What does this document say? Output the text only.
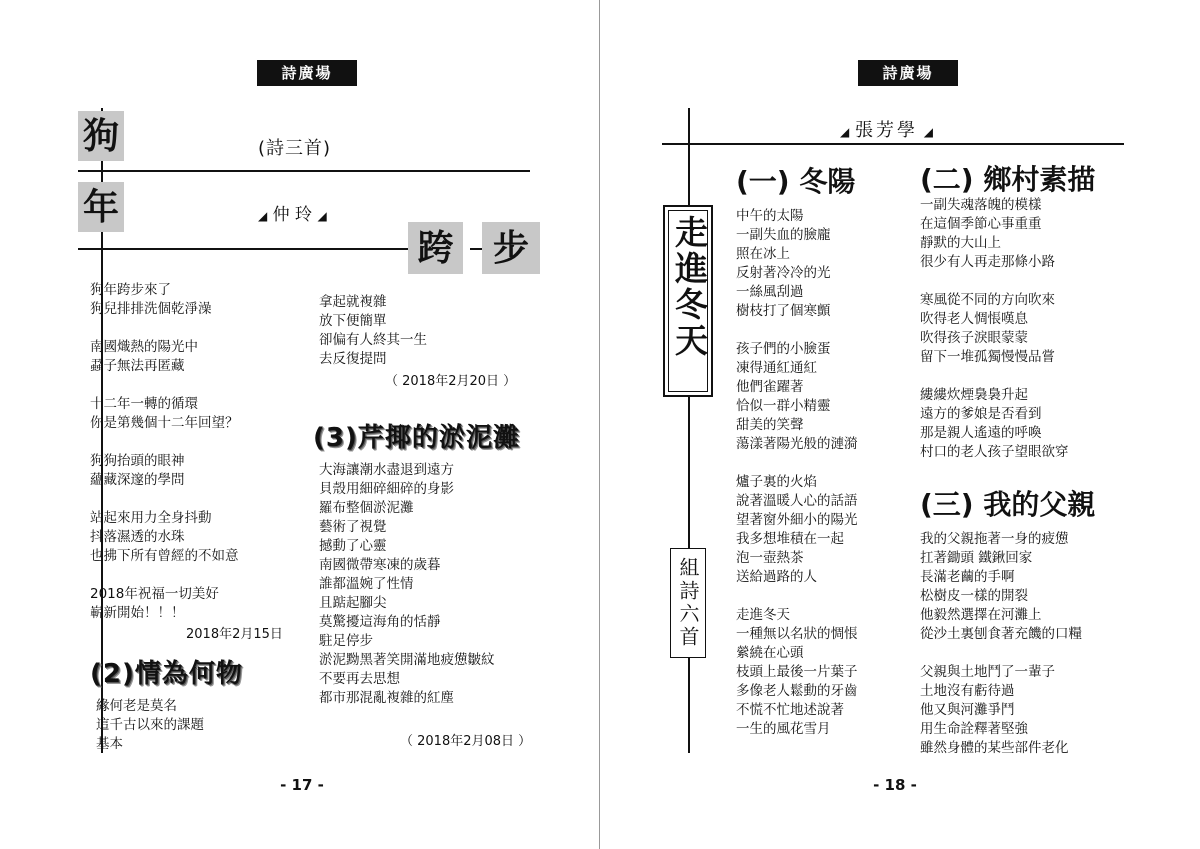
詩廣場
狗
年
跨	步
(詩三首)
◢ 仲 玲 ◢
狗年跨步來了
狗兒排排洗個乾淨澡
南國熾熱的陽光中
蝨子無法再匿藏
十二年一轉的循環
你是第幾個十二年回望？
狗狗抬頭的眼神
蘊藏深邃的學問
站起來用力全身抖動
抖落濕透的水珠
也拂下所有曾經的不如意
2018年祝福一切美好
嶄新開始！！！
2018年2月15日
(2)情為何物
緣何老是莫名
這千古以來的課題
基本
拿起就複雜
放下便簡單
卻偏有人終其一生
去反復提問
（ 2018年2月20日 ）
(3)芹揶的淤泥灘
大海讓潮水盡退到遠方
貝殼用細碎細碎的身影
羅布整個淤泥灘
藝術了視覺
撼動了心靈
南國微帶寒凍的歲暮
誰都溫婉了性情
且踮起腳尖
莫驚擾這海角的恬靜
駐足停步
淤泥黝黑著笑開滿地疲憊皺紋
不要再去思想
都市那混亂複雜的紅塵
（ 2018年2月08日 ）
- 17 -
詩廣場
◢ 張芳學 ◢
走進冬天
組詩六首
(一) 冬陽
中午的太陽
一副失血的臉龐
照在冰上
反射著冷冷的光
一絲風刮過
樹枝打了個寒顫
孩子們的小臉蛋
凍得通紅通紅
他們雀躍著
恰似一群小精靈
甜美的笑聲
蕩漾著陽光般的漣漪
爐子裏的火焰
說著溫暖人心的話語
望著窗外細小的陽光
我多想堆積在一起
泡一壺熱茶
送給過路的人
走進冬天
一種無以名狀的惆悵
縈繞在心頭
枝頭上最後一片葉子
多像老人鬆動的牙齒
不慌不忙地述說著
一生的風花雪月
(二) 鄉村素描
一副失魂落魄的模樣
在這個季節心事重重
靜默的大山上
很少有人再走那條小路
寒風從不同的方向吹來
吹得老人惆悵嘆息
吹得孩子淚眼蒙蒙
留下一堆孤獨慢慢品嘗
縷縷炊煙裊裊升起
遠方的爹娘是否看到
那是親人遙遠的呼喚
村口的老人孩子望眼欲穿
(三) 我的父親
我的父親拖著一身的疲憊
扛著鋤頭 鐵鍬回家
長滿老繭的手啊
松樹皮一樣的開裂
他毅然選擇在河灘上
從沙土裏刨食著充饑的口糧
父親與土地鬥了一輩子
土地沒有虧待過
他又與河灘爭鬥
用生命詮釋著堅強
雖然身體的某些部件老化
- 18 -
